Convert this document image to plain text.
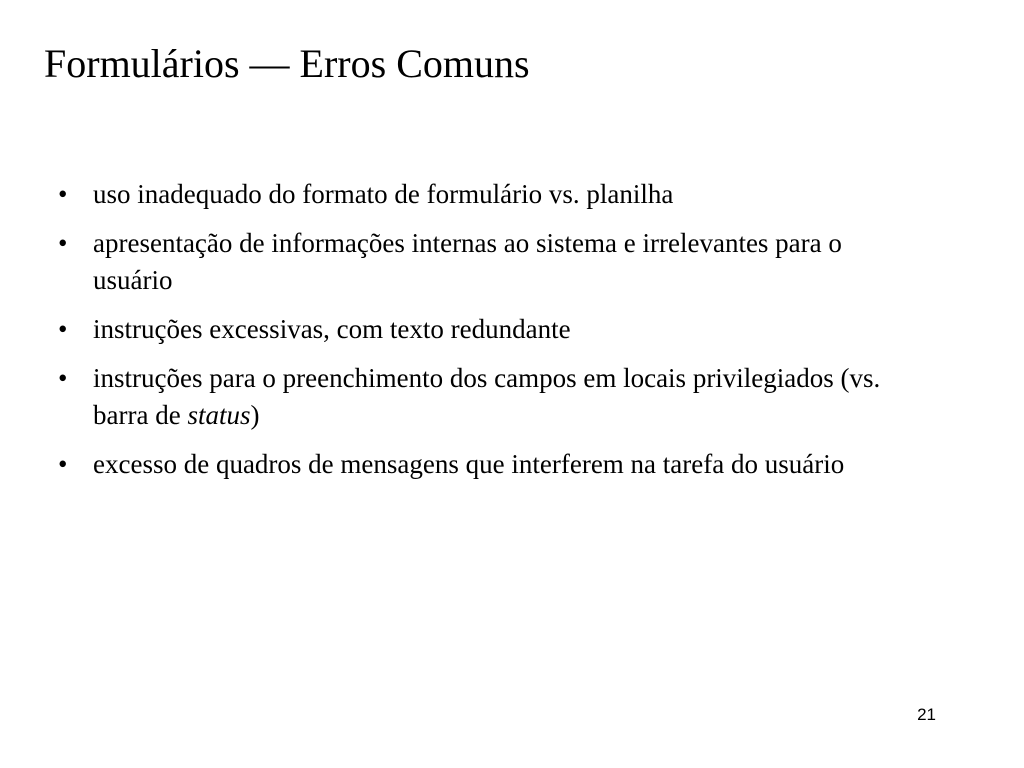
Formulários — Erros Comuns
• uso inadequado do formato de formulário vs. planilha
• apresentação de informações internas ao sistema e irrelevantes para o usuário
• instruções excessivas, com texto redundante
• instruções para o preenchimento dos campos em locais privilegiados (vs. barra de status)
• excesso de quadros de mensagens que interferem na tarefa do usuário
21
